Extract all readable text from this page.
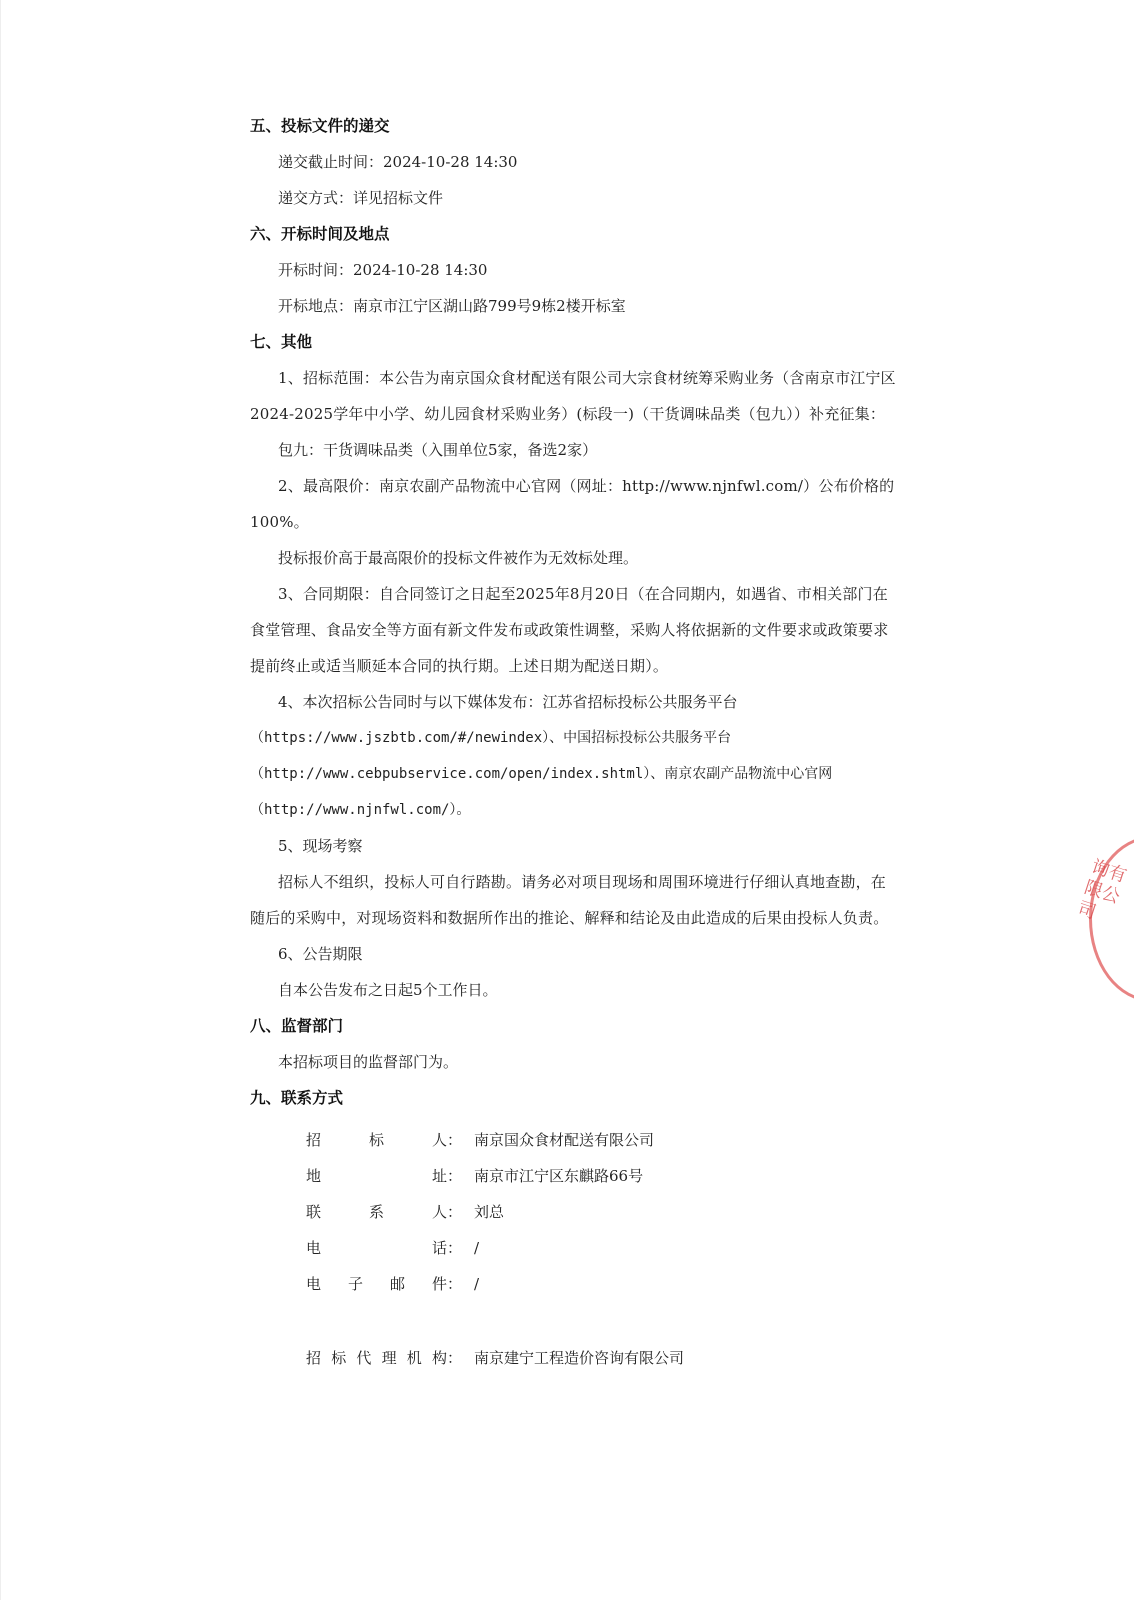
五、投标文件的递交
递交截止时间：2024-10-28 14:30
递交方式：详见招标文件
六、开标时间及地点
开标时间：2024-10-28 14:30
开标地点：南京市江宁区湖山路799号9栋2楼开标室
七、其他
1、招标范围：本公告为南京国众食材配送有限公司大宗食材统筹采购业务（含南京市江宁区2024-2025学年中小学、幼儿园食材采购业务）(标段一)（干货调味品类（包九））补充征集：
包九：干货调味品类（入围单位5家，备选2家）
2、最高限价：南京农副产品物流中心官网（网址：http://www.njnfwl.com/）公布价格的100%。
投标报价高于最高限价的投标文件被作为无效标处理。
3、合同期限：自合同签订之日起至2025年8月20日（在合同期内，如遇省、市相关部门在食堂管理、食品安全等方面有新文件发布或政策性调整，采购人将依据新的文件要求或政策要求提前终止或适当顺延本合同的执行期。上述日期为配送日期）。
4、本次招标公告同时与以下媒体发布：江苏省招标投标公共服务平台
（https://www.jszbtb.com/#/newindex）、中国招标投标公共服务平台
（http://www.cebpubservice.com/open/index.shtml）、南京农副产品物流中心官网
（http://www.njnfwl.com/）。
5、现场考察
招标人不组织，投标人可自行踏勘。请务必对项目现场和周围环境进行仔细认真地查勘，在随后的采购中，对现场资料和数据所作出的推论、解释和结论及由此造成的后果由投标人负责。
6、公告期限
自本公告发布之日起5个工作日。
八、监督部门
本招标项目的监督部门为。
九、联系方式
招	标	人： 南京国众食材配送有限公司
地	址： 南京市江宁区东麒路66号
联	系	人： 刘总
电	话： /
电 子 邮 件： /
招 标 代 理 机 构： 南京建宁工程造价咨询有限公司
询有限公司
